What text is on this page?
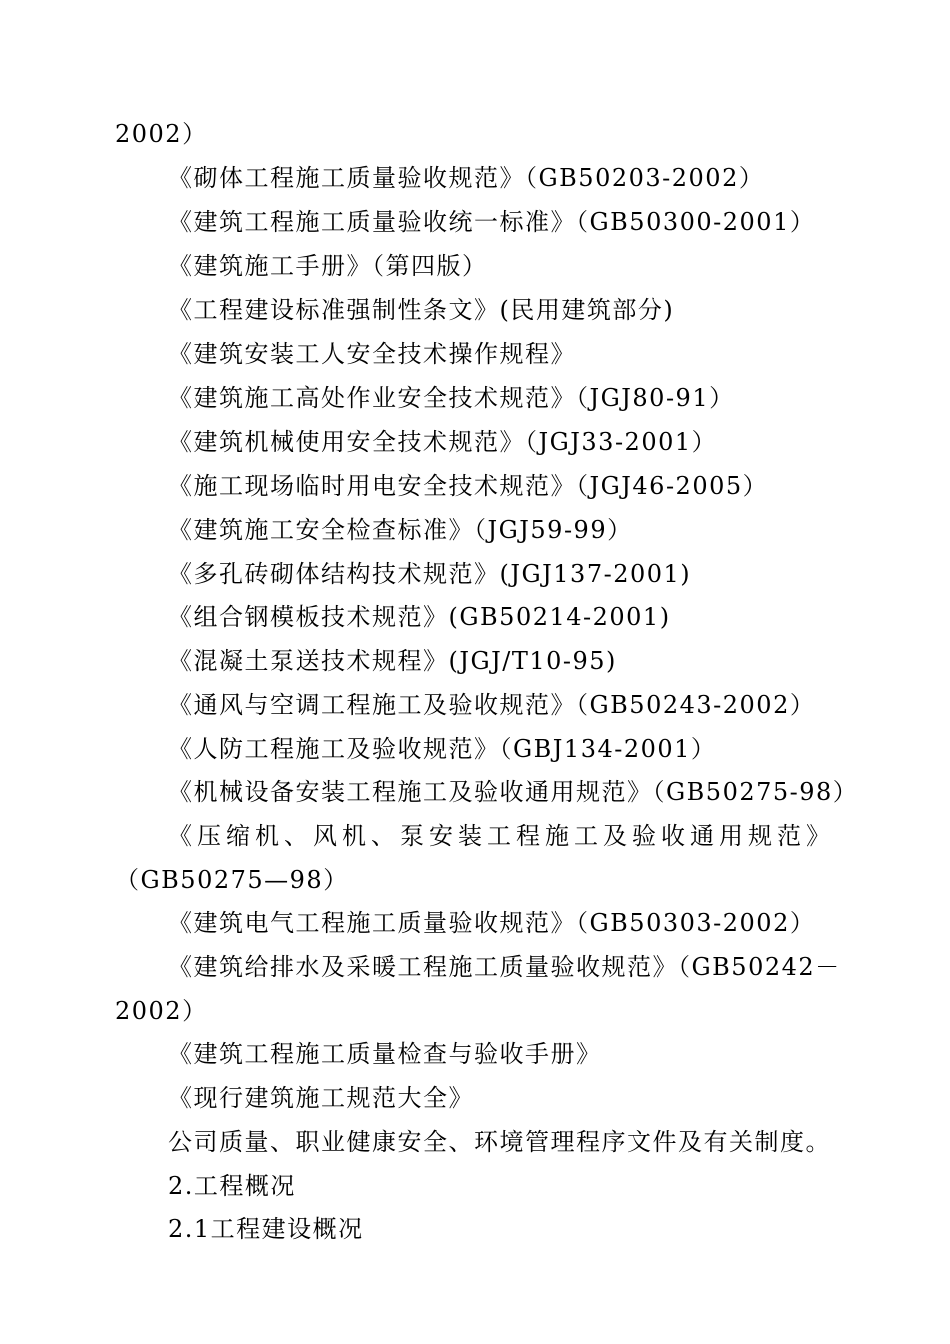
2002）
《砌体工程施工质量验收规范》（GB50203-2002）
《建筑工程施工质量验收统一标准》（GB50300-2001）
《建筑施工手册》（第四版）
《工程建设标准强制性条文》(民用建筑部分)
《建筑安装工人安全技术操作规程》
《建筑施工高处作业安全技术规范》（JGJ80-91）
《建筑机械使用安全技术规范》（JGJ33-2001）
《施工现场临时用电安全技术规范》（JGJ46-2005）
《建筑施工安全检查标准》（JGJ59-99）
《多孔砖砌体结构技术规范》(JGJ137-2001)
《组合钢模板技术规范》(GB50214-2001)
《混凝土泵送技术规程》(JGJ/T10-95)
《通风与空调工程施工及验收规范》（GB50243-2002）
《人防工程施工及验收规范》（GBJ134-2001）
《机械设备安装工程施工及验收通用规范》（GB50275-98）
《压缩机、风机、泵安装工程施工及验收通用规范》
（GB50275—98）
《建筑电气工程施工质量验收规范》（GB50303-2002）
《建筑给排水及采暖工程施工质量验收规范》（GB50242－
2002）
《建筑工程施工质量检查与验收手册》
《现行建筑施工规范大全》
公司质量、职业健康安全、环境管理程序文件及有关制度。
2.工程概况
2.1工程建设概况
